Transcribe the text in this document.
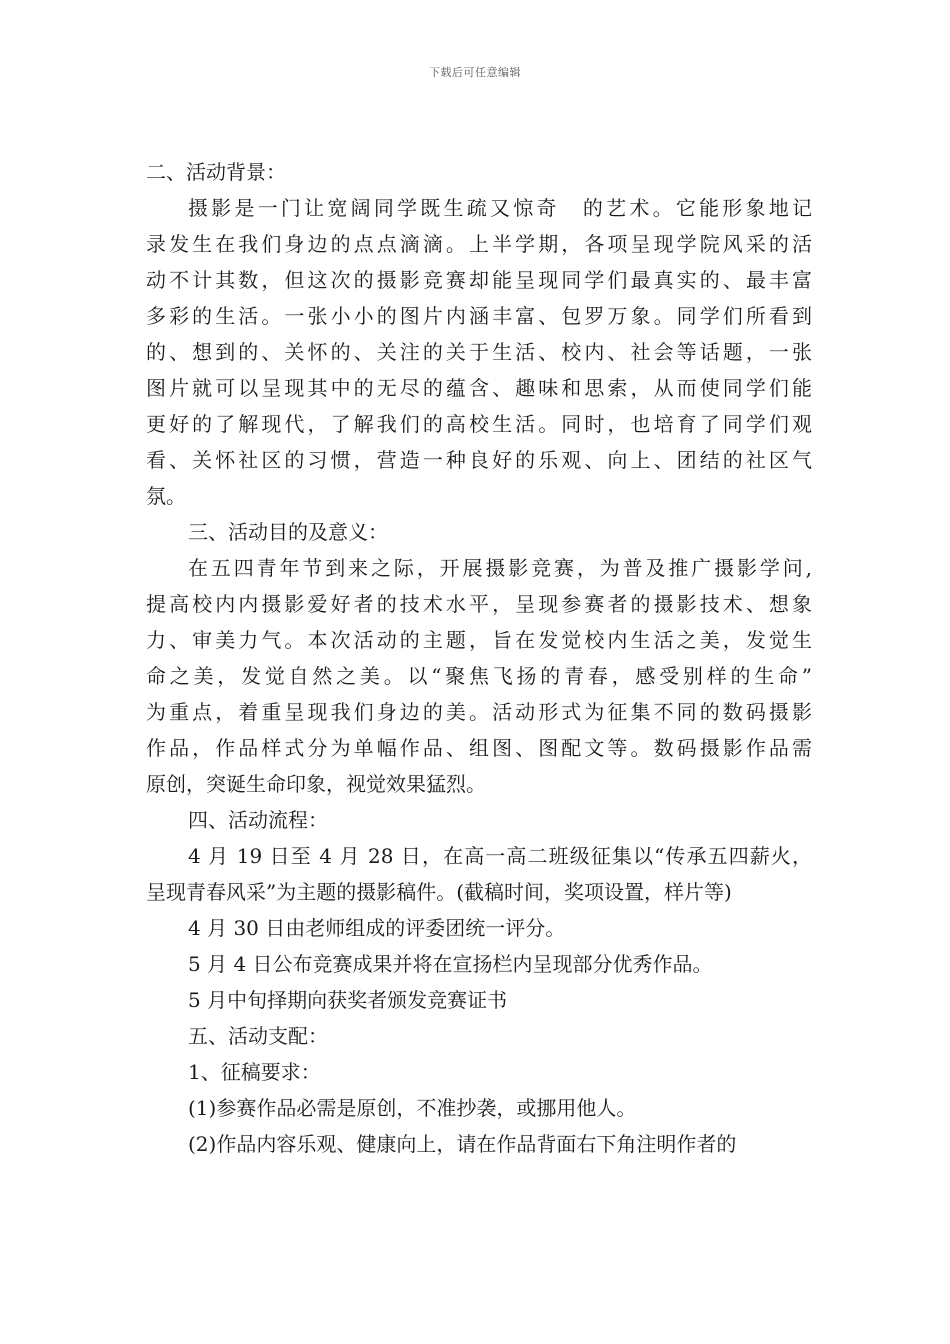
下载后可任意编辑
二、活动背景：
摄影是一门让宽阔同学既生疏又惊奇　的艺术。它能形象地记
录发生在我们身边的点点滴滴。上半学期，各项呈现学院风采的活
动不计其数，但这次的摄影竞赛却能呈现同学们最真实的、最丰富
多彩的生活。一张小小的图片内涵丰富、包罗万象。同学们所看到
的、想到的、关怀的、关注的关于生活、校内、社会等话题，一张
图片就可以呈现其中的无尽的蕴含、趣味和思索，从而使同学们能
更好的了解现代，了解我们的高校生活。同时，也培育了同学们观
看、关怀社区的习惯，营造一种良好的乐观、向上、团结的社区气
氛。
三、活动目的及意义：
在五四青年节到来之际，开展摄影竞赛，为普及推广摄影学问,
提高校内内摄影爱好者的技术水平，呈现参赛者的摄影技术、想象
力、审美力气。本次活动的主题，旨在发觉校内生活之美，发觉生
命之美，发觉自然之美。以“聚焦飞扬的青春，感受别样的生命”
为重点，着重呈现我们身边的美。活动形式为征集不同的数码摄影
作品，作品样式分为单幅作品、组图、图配文等。数码摄影作品需
原创，突诞生命印象，视觉效果猛烈。
四、活动流程：
4 月 19 日至 4 月 28 日，在高一高二班级征集以“传承五四薪火，
呈现青春风采”为主题的摄影稿件。(截稿时间，奖项设置，样片等)
4 月 30 日由老师组成的评委团统一评分。
5 月 4 日公布竞赛成果并将在宣扬栏内呈现部分优秀作品。
5 月中旬择期向获奖者颁发竞赛证书
五、活动支配：
1、征稿要求：
(1)参赛作品必需是原创，不准抄袭，或挪用他人。
(2)作品内容乐观、健康向上，请在作品背面右下角注明作者的
